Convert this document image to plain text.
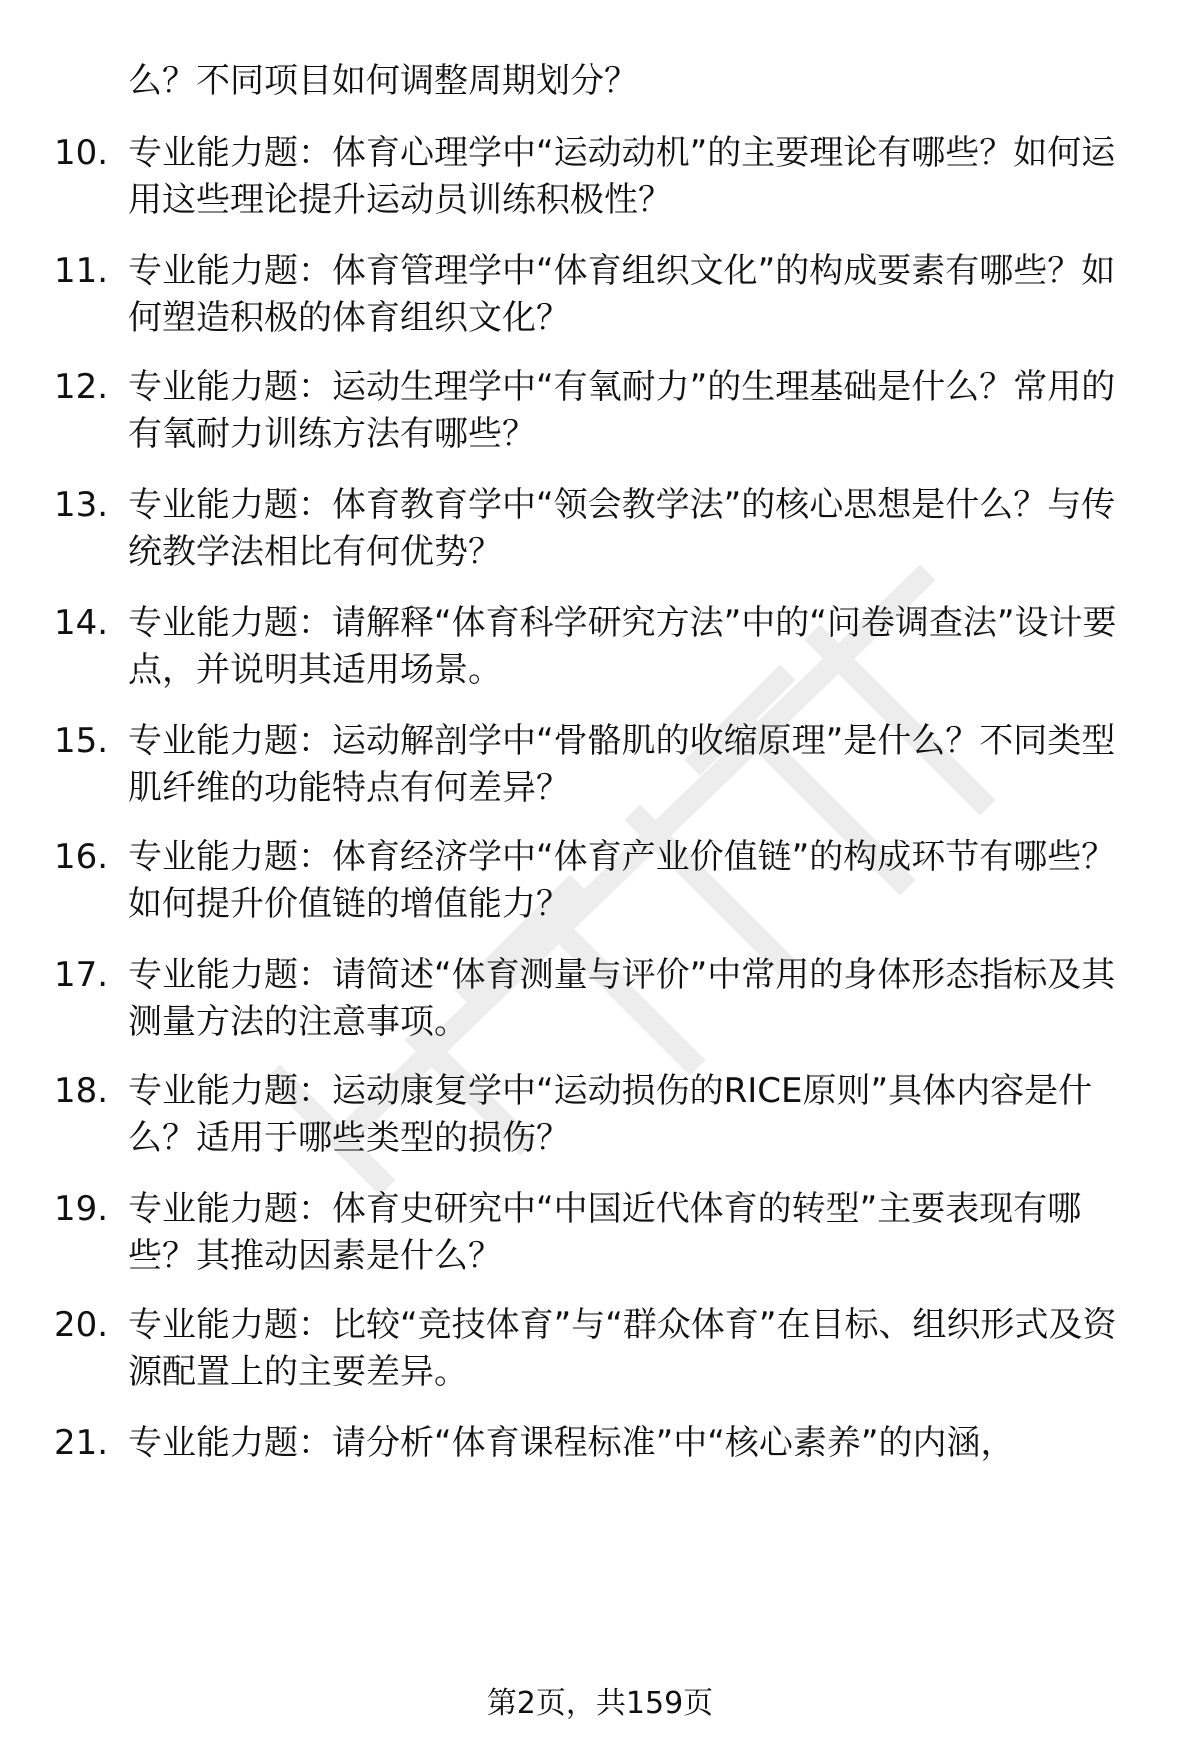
么？不同项目如何调整周期划分？
10. 专业能力题：体育心理学中“运动动机”的主要理论有哪些？如何运用这些理论提升运动员训练积极性？
11. 专业能力题：体育管理学中“体育组织文化”的构成要素有哪些？如何塑造积极的体育组织文化？
12. 专业能力题：运动生理学中“有氧耐力”的生理基础是什么？常用的有氧耐力训练方法有哪些？
13. 专业能力题：体育教育学中“领会教学法”的核心思想是什么？与传统教学法相比有何优势？
14. 专业能力题：请解释“体育科学研究方法”中的“问卷调查法”设计要点，并说明其适用场景。
15. 专业能力题：运动解剖学中“骨骼肌的收缩原理”是什么？不同类型肌纤维的功能特点有何差异？
16. 专业能力题：体育经济学中“体育产业价值链”的构成环节有哪些？如何提升价值链的增值能力？
17. 专业能力题：请简述“体育测量与评价”中常用的身体形态指标及其测量方法的注意事项。
18. 专业能力题：运动康复学中“运动损伤的RICE原则”具体内容是什么？适用于哪些类型的损伤？
19. 专业能力题：体育史研究中“中国近代体育的转型”主要表现有哪些？其推动因素是什么？
20. 专业能力题：比较“竞技体育”与“群众体育”在目标、组织形式及资源配置上的主要差异。
21. 专业能力题：请分析“体育课程标准”中“核心素养”的内涵，
第2页，共159页
